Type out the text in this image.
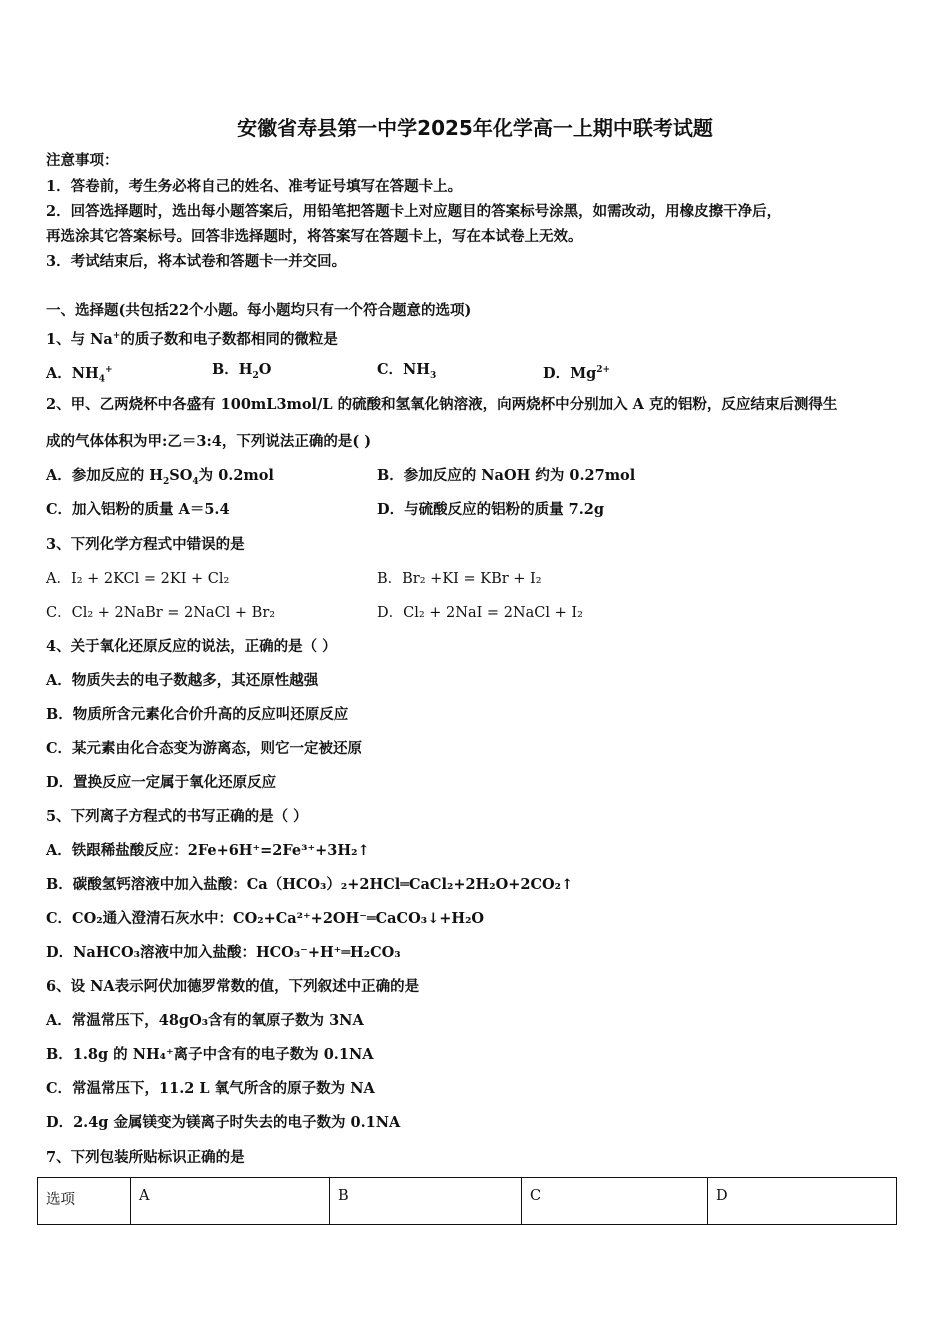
安徽省寿县第一中学2025年化学高一上期中联考试题
注意事项：
1．答卷前，考生务必将自己的姓名、准考证号填写在答题卡上。
2．回答选择题时，选出每小题答案后，用铅笔把答题卡上对应题目的答案标号涂黑，如需改动，用橡皮擦干净后，
再选涂其它答案标号。回答非选择题时，将答案写在答题卡上，写在本试卷上无效。
3．考试结束后，将本试卷和答题卡一并交回。
一、选择题(共包括22个小题。每小题均只有一个符合题意的选项)
1、与 Na+的质子数和电子数都相同的微粒是
A．$NH_4^+$	B．$H_2O$	C．$NH_3$	D．$Mg^{2+}$
2、甲、乙两烧杯中各盛有 100mL3mol/L 的硫酸和氢氧化钠溶液，向两烧杯中分别加入 A 克的铝粉，反应结束后测得生
成的气体体积为甲:乙＝3:4，下列说法正确的是( )
A．参加反应的 $H_2SO_4$为 0.2mol	B．参加反应的 NaOH 约为 0.27mol
C．加入铝粉的质量 A＝5.4	D．与硫酸反应的铝粉的质量 7.2g
3、下列化学方程式中错误的是
A．I₂ + 2KCl = 2KI + Cl₂	B．Br₂ +KI = KBr + I₂
C．Cl₂ + 2NaBr = 2NaCl + Br₂	D．Cl₂ + 2NaI = 2NaCl + I₂
4、关于氧化还原反应的说法，正确的是（ ）
A．物质失去的电子数越多，其还原性越强
B．物质所含元素化合价升高的反应叫还原反应
C．某元素由化合态变为游离态，则它一定被还原
D．置换反应一定属于氧化还原反应
5、下列离子方程式的书写正确的是（ ）
A．铁跟稀盐酸反应：2Fe+6H⁺=2Fe³⁺+3H₂↑
B．碳酸氢钙溶液中加入盐酸：Ca（HCO₃）₂+2HCl═CaCl₂+2H₂O+2CO₂↑
C．CO₂通入澄清石灰水中：CO₂+Ca²⁺+2OH⁻═CaCO₃↓+H₂O
D．NaHCO₃溶液中加入盐酸：HCO₃⁻+H⁺═H₂CO₃
6、设 NA表示阿伏加德罗常数的值，下列叙述中正确的是
A．常温常压下，48gO₃含有的氧原子数为 3NA
B．1.8g 的 NH₄⁺离子中含有的电子数为 0.1NA
C．常温常压下，11.2 L 氧气所含的原子数为 NA
D．2.4g 金属镁变为镁离子时失去的电子数为 0.1NA
7、下列包装所贴标识正确的是
选项	A	B	C	D
